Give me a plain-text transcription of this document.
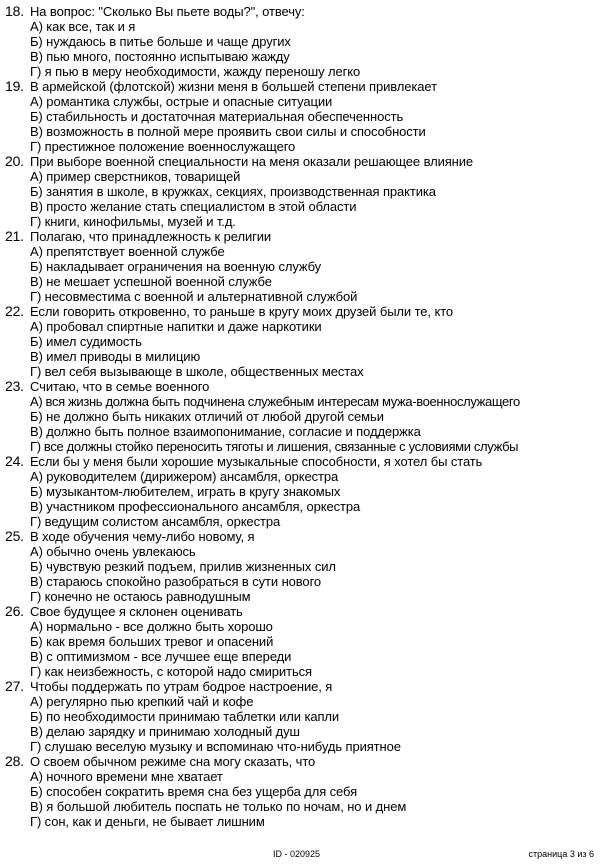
18. На вопрос: "Сколько Вы пьете воды?", отвечу:
А) как все, так и я
Б) нуждаюсь в питье больше и чаще других
В) пью много, постоянно испытываю жажду
Г) я пью в меру необходимости, жажду переношу легко
19. В армейской (флотской) жизни меня в большей степени привлекает
А) романтика службы, острые и опасные ситуации
Б) стабильность и достаточная материальная обеспеченность
В) возможность в полной мере проявить свои силы и способности
Г) престижное положение военнослужащего
20. При выборе военной специальности на меня оказали решающее влияние
А) пример сверстников, товарищей
Б) занятия в школе, в кружках, секциях, производственная практика
В) просто желание стать специалистом в этой области
Г) книги, кинофильмы, музей и т.д.
21. Полагаю, что принадлежность к религии
А) препятствует военной службе
Б) накладывает ограничения на военную службу
В) не мешает успешной военной службе
Г) несовместима с военной и альтернативной службой
22. Если говорить откровенно, то раньше в кругу моих друзей были те, кто
А) пробовал спиртные напитки и даже наркотики
Б) имел судимость
В) имел приводы в милицию
Г) вел себя вызывающе в школе, общественных местах
23. Считаю, что в семье военного
А) вся жизнь должна быть подчинена служебным интересам мужа-военнослужащего
Б) не должно быть никаких отличий от любой другой семьи
В) должно быть полное взаимопонимание, согласие и поддержка
Г) все должны стойко переносить тяготы и лишения, связанные с условиями службы
24. Если бы у меня были хорошие музыкальные способности, я хотел бы стать
А) руководителем (дирижером) ансамбля, оркестра
Б) музыкантом-любителем, играть в кругу знакомых
В) участником профессионального ансамбля, оркестра
Г) ведущим солистом ансамбля, оркестра
25. В ходе обучения чему-либо новому, я
А) обычно очень увлекаюсь
Б) чувствую резкий подъем, прилив жизненных сил
В) стараюсь спокойно разобраться в сути нового
Г) конечно не остаюсь равнодушным
26. Свое будущее я склонен оценивать
А) нормально - все должно быть хорошо
Б) как время больших тревог и опасений
В) с оптимизмом - все лучшее еще впереди
Г) как неизбежность, с которой надо смириться
27. Чтобы поддержать по утрам бодрое настроение, я
А) регулярно пью крепкий чай и кофе
Б) по необходимости принимаю таблетки или капли
В) делаю зарядку и принимаю холодный душ
Г) слушаю веселую музыку и вспоминаю что-нибудь приятное
28. О своем обычном режиме сна могу сказать, что
А) ночного времени мне хватает
Б) способен сократить время сна без ущерба для себя
В) я большой любитель поспать не только по ночам, но и днем
Г) сон, как и деньги, не бывает лишним
ID - 020925	страница 3 из 6
